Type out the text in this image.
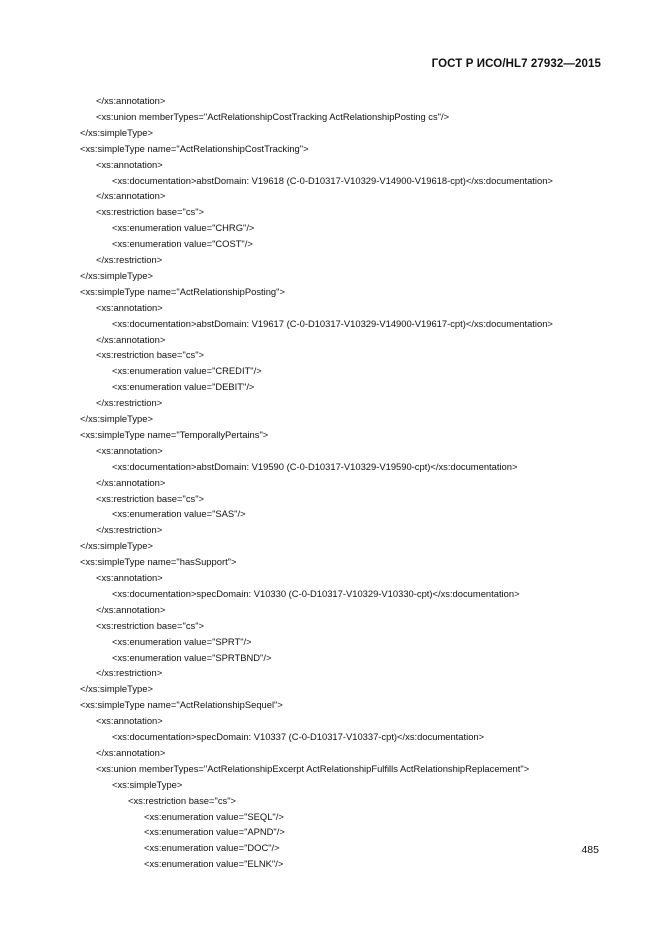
ГОСТ Р ИСО/HL7 27932—2015
</xs:annotation>
<xs:union memberTypes="ActRelationshipCostTracking ActRelationshipPosting cs"/>
</xs:simpleType>
<xs:simpleType name="ActRelationshipCostTracking">
<xs:annotation>
<xs:documentation>abstDomain: V19618 (C-0-D10317-V10329-V14900-V19618-cpt)</xs:documentation>
</xs:annotation>
<xs:restriction base="cs">
<xs:enumeration value="CHRG"/>
<xs:enumeration value="COST"/>
</xs:restriction>
</xs:simpleType>
<xs:simpleType name="ActRelationshipPosting">
<xs:annotation>
<xs:documentation>abstDomain: V19617 (C-0-D10317-V10329-V14900-V19617-cpt)</xs:documentation>
</xs:annotation>
<xs:restriction base="cs">
<xs:enumeration value="CREDIT"/>
<xs:enumeration value="DEBIT"/>
</xs:restriction>
</xs:simpleType>
<xs:simpleType name="TemporallyPertains">
<xs:annotation>
<xs:documentation>abstDomain: V19590 (C-0-D10317-V10329-V19590-cpt)</xs:documentation>
</xs:annotation>
<xs:restriction base="cs">
<xs:enumeration value="SAS"/>
</xs:restriction>
</xs:simpleType>
<xs:simpleType name="hasSupport">
<xs:annotation>
<xs:documentation>specDomain: V10330 (C-0-D10317-V10329-V10330-cpt)</xs:documentation>
</xs:annotation>
<xs:restriction base="cs">
<xs:enumeration value="SPRT"/>
<xs:enumeration value="SPRTBND"/>
</xs:restriction>
</xs:simpleType>
<xs:simpleType name="ActRelationshipSequel">
<xs:annotation>
<xs:documentation>specDomain: V10337 (C-0-D10317-V10337-cpt)</xs:documentation>
</xs:annotation>
<xs:union memberTypes="ActRelationshipExcerpt ActRelationshipFulfills ActRelationshipReplacement">
<xs:simpleType>
<xs:restriction base="cs">
<xs:enumeration value="SEQL"/>
<xs:enumeration value="APND"/>
<xs:enumeration value="DOC"/>
<xs:enumeration value="ELNK"/>
485
